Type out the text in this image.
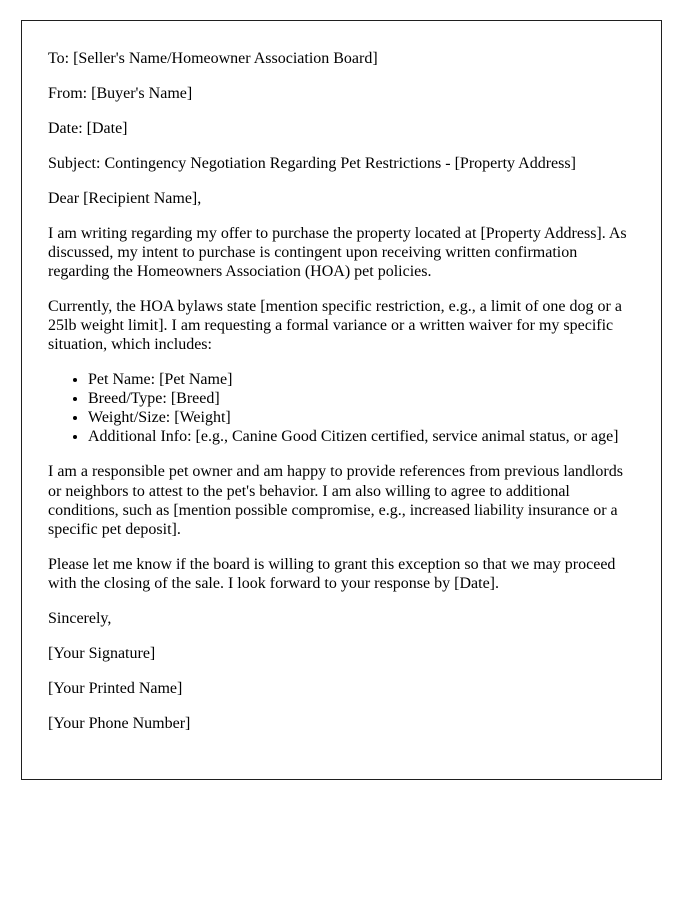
To: [Seller's Name/Homeowner Association Board]

From: [Buyer's Name]

Date: [Date]

Subject: Contingency Negotiation Regarding Pet Restrictions - [Property Address]

Dear [Recipient Name],

I am writing regarding my offer to purchase the property located at [Property Address]. As discussed, my intent to purchase is contingent upon receiving written confirmation regarding the Homeowners Association (HOA) pet policies.

Currently, the HOA bylaws state [mention specific restriction, e.g., a limit of one dog or a 25lb weight limit]. I am requesting a formal variance or a written waiver for my specific situation, which includes:

• Pet Name: [Pet Name]
• Breed/Type: [Breed]
• Weight/Size: [Weight]
• Additional Info: [e.g., Canine Good Citizen certified, service animal status, or age]

I am a responsible pet owner and am happy to provide references from previous landlords or neighbors to attest to the pet's behavior. I am also willing to agree to additional conditions, such as [mention possible compromise, e.g., increased liability insurance or a specific pet deposit].

Please let me know if the board is willing to grant this exception so that we may proceed with the closing of the sale. I look forward to your response by [Date].

Sincerely,

[Your Signature]

[Your Printed Name]

[Your Phone Number]
